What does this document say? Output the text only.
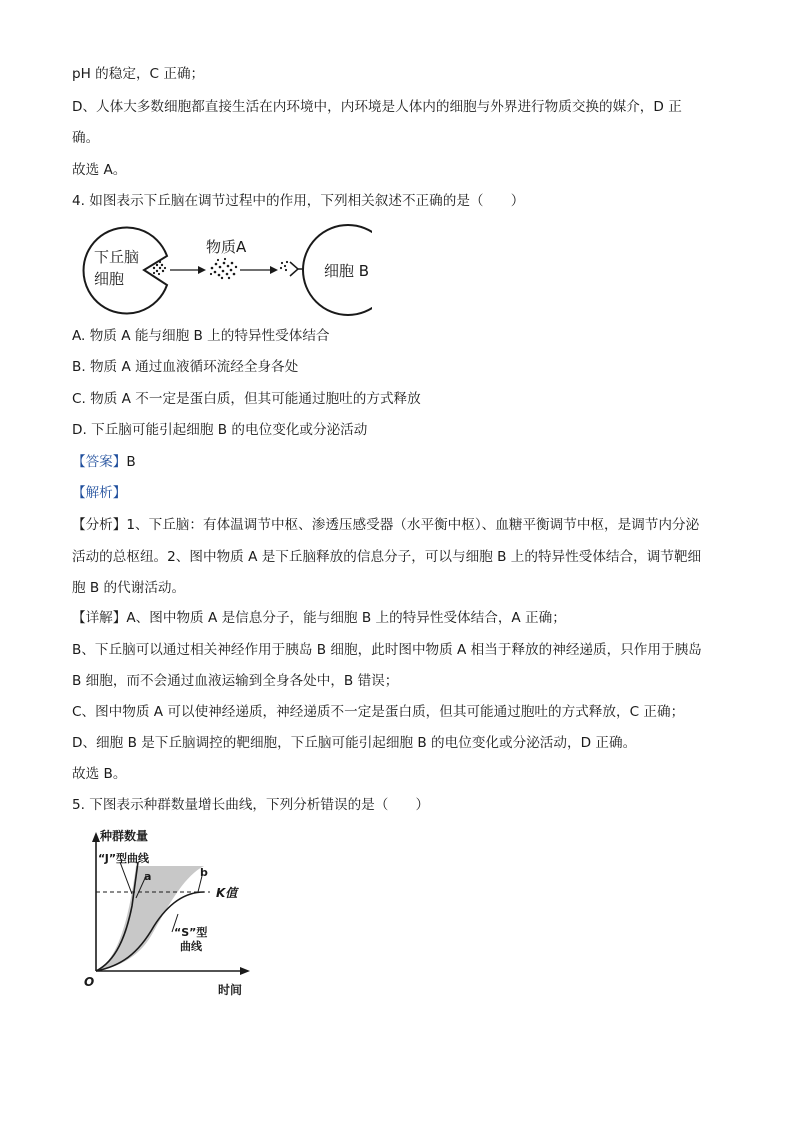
pH 的稳定，C 正确；
D、人体大多数细胞都直接生活在内环境中，内环境是人体内的细胞与外界进行物质交换的媒介，D 正
确。
故选 A。
4. 如图表示下丘脑在调节过程中的作用，下列相关叙述不正确的是（　　）
下丘脑
细胞
物质A
细胞 B
A. 物质 A 能与细胞 B 上的特异性受体结合
B. 物质 A 通过血液循环流经全身各处
C. 物质 A 不一定是蛋白质，但其可能通过胞吐的方式释放
D. 下丘脑可能引起细胞 B 的电位变化或分泌活动
【答案】B
【解析】
【分析】1、下丘脑：有体温调节中枢、渗透压感受器（水平衡中枢）、血糖平衡调节中枢，是调节内分泌
活动的总枢纽。2、图中物质 A 是下丘脑释放的信息分子，可以与细胞 B 上的特异性受体结合，调节靶细
胞 B 的代谢活动。
【详解】A、图中物质 A 是信息分子，能与细胞 B 上的特异性受体结合，A 正确；
B、下丘脑可以通过相关神经作用于胰岛 B 细胞，此时图中物质 A 相当于释放的神经递质，只作用于胰岛
B 细胞，而不会通过血液运输到全身各处中，B 错误；
C、图中物质 A 可以使神经递质，神经递质不一定是蛋白质，但其可能通过胞吐的方式释放，C 正确；
D、细胞 B 是下丘脑调控的靶细胞，下丘脑可能引起细胞 B 的电位变化或分泌活动，D 正确。
故选 B。
5. 下图表示种群数量增长曲线，下列分析错误的是（　　）
种群数量
时间
O
“J”型曲线
a	b
K值
“S”型
曲线
